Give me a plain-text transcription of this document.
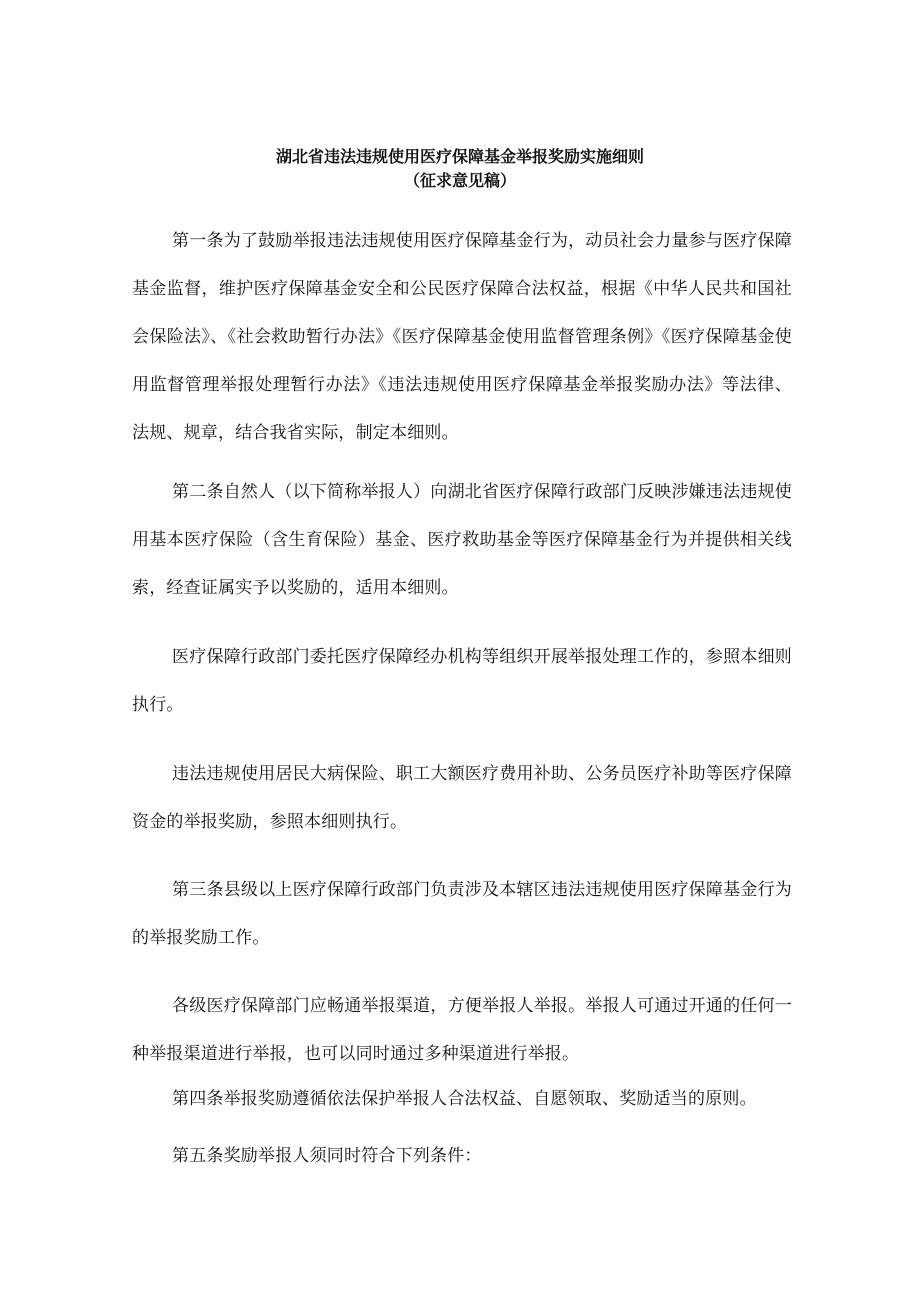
湖北省违法违规使用医疗保障基金举报奖励实施细则
（征求意见稿）

第一条为了鼓励举报违法违规使用医疗保障基金行为，动员社会力量参与医疗保障基金监督，维护医疗保障基金安全和公民医疗保障合法权益，根据《中华人民共和国社会保险法》、《社会救助暂行办法》《医疗保障基金使用监督管理条例》《医疗保障基金使用监督管理举报处理暂行办法》《违法违规使用医疗保障基金举报奖励办法》等法律、法规、规章，结合我省实际，制定本细则。

第二条自然人（以下简称举报人）向湖北省医疗保障行政部门反映涉嫌违法违规使用基本医疗保险（含生育保险）基金、医疗救助基金等医疗保障基金行为并提供相关线索，经查证属实予以奖励的，适用本细则。

医疗保障行政部门委托医疗保障经办机构等组织开展举报处理工作的，参照本细则执行。

违法违规使用居民大病保险、职工大额医疗费用补助、公务员医疗补助等医疗保障资金的举报奖励，参照本细则执行。

第三条县级以上医疗保障行政部门负责涉及本辖区违法违规使用医疗保障基金行为的举报奖励工作。

各级医疗保障部门应畅通举报渠道，方便举报人举报。举报人可通过开通的任何一种举报渠道进行举报，也可以同时通过多种渠道进行举报。

第四条举报奖励遵循依法保护举报人合法权益、自愿领取、奖励适当的原则。

第五条奖励举报人须同时符合下列条件：
